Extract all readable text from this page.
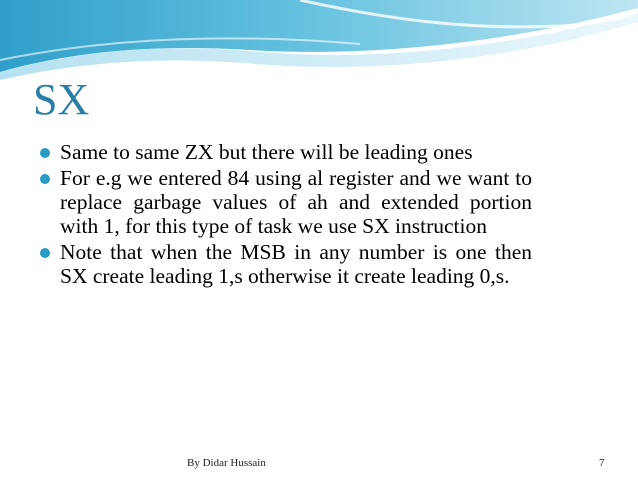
SX
Same to same ZX but there will be leading ones
For e.g we entered 84 using al register and we want to replace garbage values of ah and extended portion with 1, for this type of task we use SX instruction
Note that when the MSB in any number is one then SX create leading 1,s otherwise it create leading 0,s.
By Didar Hussain	7
